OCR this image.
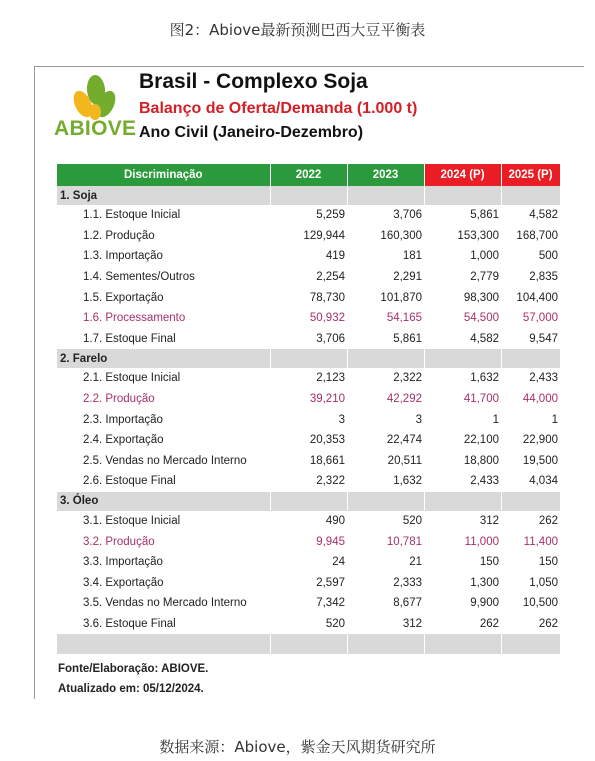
图2：Abiove最新预测巴西大豆平衡表
ABIOVE
Brasil - Complexo Soja
Balanço de Oferta/Demanda (1.000 t)
Ano Civil (Janeiro-Dezembro)
Discriminação	2022	2023	2024 (P)	2025 (P)
1. Soja				
1.1. Estoque Inicial	5,259	3,706	5,861	4,582
1.2. Produção	129,944	160,300	153,300	168,700
1.3. Importação	419	181	1,000	500
1.4. Sementes/Outros	2,254	2,291	2,779	2,835
1.5. Exportação	78,730	101,870	98,300	104,400
1.6. Processamento	50,932	54,165	54,500	57,000
1.7. Estoque Final	3,706	5,861	4,582	9,547
2. Farelo				
2.1. Estoque Inicial	2,123	2,322	1,632	2,433
2.2. Produção	39,210	42,292	41,700	44,000
2.3. Importação	3	3	1	1
2.4. Exportação	20,353	22,474	22,100	22,900
2.5. Vendas no Mercado Interno	18,661	20,511	18,800	19,500
2.6. Estoque Final	2,322	1,632	2,433	4,034
3. Óleo				
3.1. Estoque Inicial	490	520	312	262
3.2. Produção	9,945	10,781	11,000	11,400
3.3. Importação	24	21	150	150
3.4. Exportação	2,597	2,333	1,300	1,050
3.5. Vendas no Mercado Interno	7,342	8,677	9,900	10,500
3.6. Estoque Final	520	312	262	262

Fonte/Elaboração: ABIOVE.
Atualizado em: 05/12/2024.
数据来源：Abiove，紫金天风期货研究所
